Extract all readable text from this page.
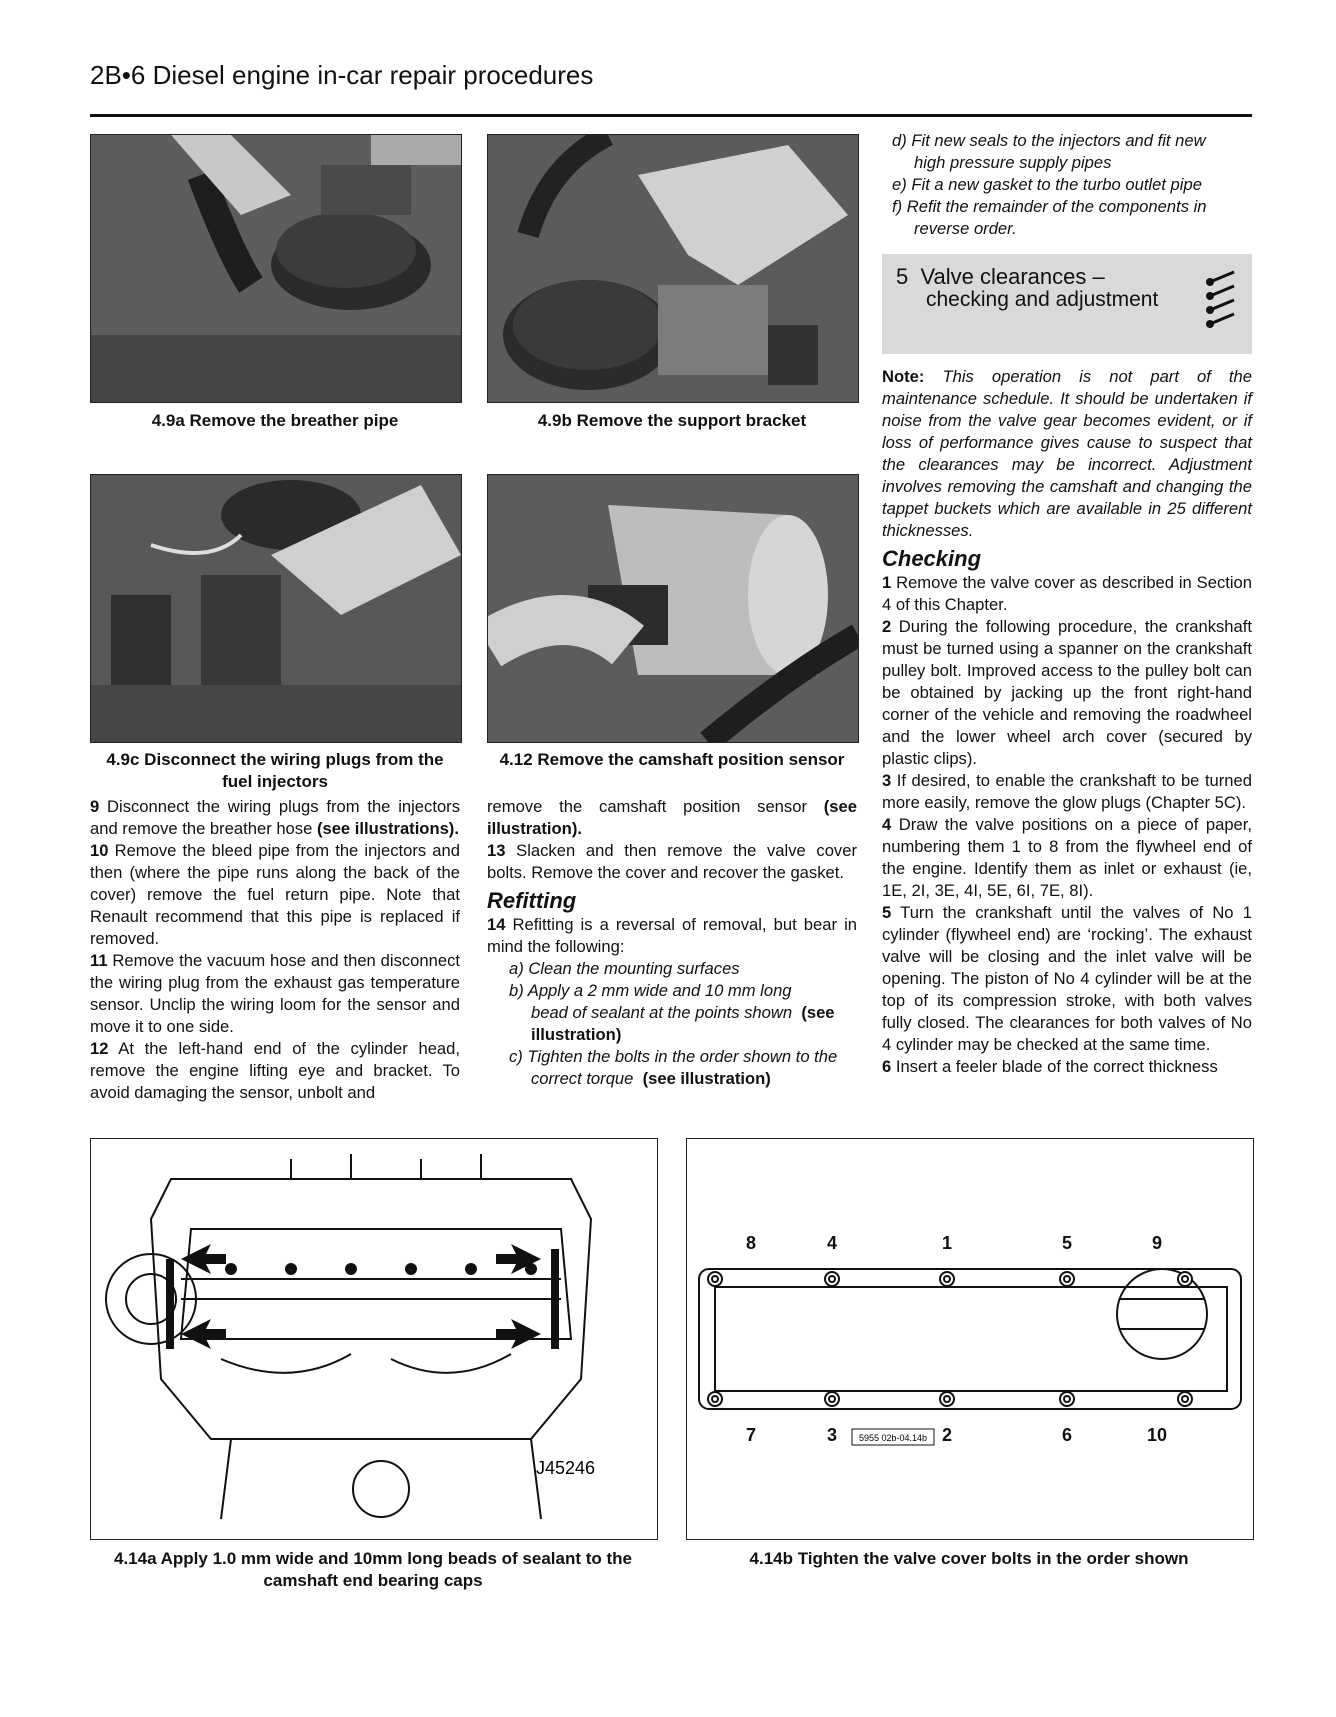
2B•6 Diesel engine in-car repair procedures
4.9a Remove the breather pipe	4.9b Remove the support bracket
4.9c Disconnect the wiring plugs from the
fuel injectors
4.12 Remove the camshaft position sensor

9 Disconnect the wiring plugs from the injectors and remove the breather hose (see illustrations).

10 Remove the bleed pipe from the injectors and then (where the pipe runs along the back of the cover) remove the fuel return pipe. Note that Renault recommend that this pipe is replaced if removed.

11 Remove the vacuum hose and then disconnect the wiring plug from the exhaust gas temperature sensor. Unclip the wiring loom for the sensor and move it to one side.

12 At the left-hand end of the cylinder head, remove the engine lifting eye and bracket. To avoid damaging the sensor, unbolt and

remove the camshaft position sensor (see illustration).

13 Slacken and then remove the valve cover bolts. Remove the cover and recover the gasket.

Refitting

14 Refitting is a reversal of removal, but bear in mind the following:

a) Clean the mounting surfaces

b) Apply a 2 mm wide and 10 mm long

bead of sealant at the points shown (see illustration)

c) Tighten the bolts in the order shown to the

correct torque (see illustration)

d) Fit new seals to the injectors and fit new

high pressure supply pipes

e) Fit a new gasket to the turbo outlet pipe

f) Refit the remainder of the components in

reverse order.

5 Valve clearances –
checking and adjustment

Note: This operation is not part of the maintenance schedule. It should be undertaken if noise from the valve gear becomes evident, or if loss of performance gives cause to suspect that the clearances may be incorrect. Adjustment involves removing the camshaft and changing the tappet buckets which are available in 25 different thicknesses.

Checking

1 Remove the valve cover as described in Section 4 of this Chapter.

2 During the following procedure, the crankshaft must be turned using a spanner on the crankshaft pulley bolt. Improved access to the pulley bolt can be obtained by jacking up the front right-hand corner of the vehicle and removing the roadwheel and the lower wheel arch cover (secured by plastic clips).

3 If desired, to enable the crankshaft to be turned more easily, remove the glow plugs (Chapter 5C).

4 Draw the valve positions on a piece of paper, numbering them 1 to 8 from the flywheel end of the engine. Identify them as inlet or exhaust (ie, 1E, 2I, 3E, 4I, 5E, 6I, 7E, 8I).

5 Turn the crankshaft until the valves of No 1 cylinder (flywheel end) are ‘rocking’. The exhaust valve will be closing and the inlet valve will be opening. The piston of No 4 cylinder will be at the top of its compression stroke, with both valves fully closed. The clearances for both valves of No 4 cylinder may be checked at the same time.

6 Insert a feeler blade of the correct thickness

J45246
4.14a Apply 1.0 mm wide and 10mm long beads of sealant to the
camshaft end bearing caps
8	4	1	5	9
7	3	2	6	10
5955 02b-04.14b
4.14b Tighten the valve cover bolts in the order shown
